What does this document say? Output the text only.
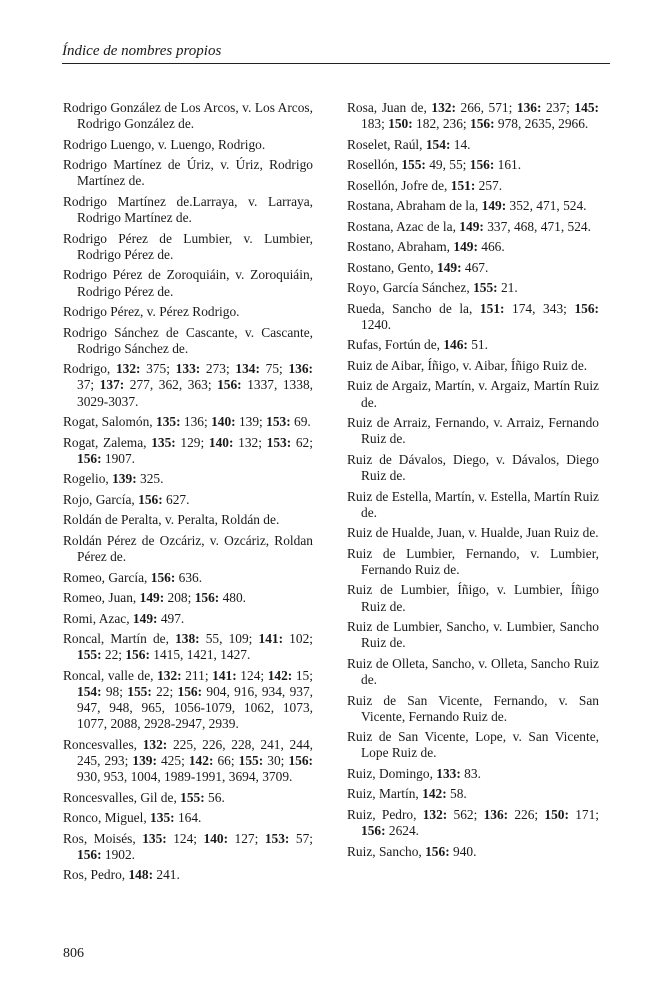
Índice de nombres propios

Rodrigo González de Los Arcos, v. Los Arcos, Rodrigo González de.

Rodrigo Luengo, v. Luengo, Rodrigo.

Rodrigo Martínez de Úriz, v. Úriz, Rodrigo Martínez de.

Rodrigo Martínez de.Larraya, v. Larraya, Rodrigo Martínez de.

Rodrigo Pérez de Lumbier, v. Lumbier, Rodrigo Pérez de.

Rodrigo Pérez de Zoroquiáin, v. Zoroquiáin, Rodrigo Pérez de.

Rodrigo Pérez, v. Pérez Rodrigo.

Rodrigo Sánchez de Cascante, v. Cascante, Rodrigo Sánchez de.

Rodrigo, 132: 375; 133: 273; 134: 75; 136: 37; 137: 277, 362, 363; 156: 1337, 1338, 3029-3037.

Rogat, Salomón, 135: 136; 140: 139; 153: 69.

Rogat, Zalema, 135: 129; 140: 132; 153: 62; 156: 1907.

Rogelio, 139: 325.

Rojo, García, 156: 627.

Roldán de Peralta, v. Peralta, Roldán de.

Roldán Pérez de Ozcáriz, v. Ozcáriz, Roldan Pérez de.

Romeo, García, 156: 636.

Romeo, Juan, 149: 208; 156: 480.

Romi, Azac, 149: 497.

Roncal, Martín de, 138: 55, 109; 141: 102; 155: 22; 156: 1415, 1421, 1427.

Roncal, valle de, 132: 211; 141: 124; 142: 15; 154: 98; 155: 22; 156: 904, 916, 934, 937, 947, 948, 965, 1056-1079, 1062, 1073, 1077, 2088, 2928-2947, 2939.

Roncesvalles, 132: 225, 226, 228, 241, 244, 245, 293; 139: 425; 142: 66; 155: 30; 156: 930, 953, 1004, 1989-1991, 3694, 3709.

Roncesvalles, Gil de, 155: 56.

Ronco, Miguel, 135: 164.

Ros, Moisés, 135: 124; 140: 127; 153: 57; 156: 1902.

Ros, Pedro, 148: 241.

Rosa, Juan de, 132: 266, 571; 136: 237; 145: 183; 150: 182, 236; 156: 978, 2635, 2966.

Roselet, Raúl, 154: 14.

Rosellón, 155: 49, 55; 156: 161.

Rosellón, Jofre de, 151: 257.

Rostana, Abraham de la, 149: 352, 471, 524.

Rostana, Azac de la, 149: 337, 468, 471, 524.

Rostano, Abraham, 149: 466.

Rostano, Gento, 149: 467.

Royo, García Sánchez, 155: 21.

Rueda, Sancho de la, 151: 174, 343; 156: 1240.

Rufas, Fortún de, 146: 51.

Ruiz de Aibar, Íñigo, v. Aibar, Íñigo Ruiz de.

Ruiz de Argaiz, Martín, v. Argaiz, Martín Ruiz de.

Ruiz de Arraiz, Fernando, v. Arraiz, Fernando Ruiz de.

Ruiz de Dávalos, Diego, v. Dávalos, Diego Ruiz de.

Ruiz de Estella, Martín, v. Estella, Martín Ruiz de.

Ruiz de Hualde, Juan, v. Hualde, Juan Ruiz de.

Ruiz de Lumbier, Fernando, v. Lumbier, Fernando Ruiz de.

Ruiz de Lumbier, Íñigo, v. Lumbier, Íñigo Ruiz de.

Ruiz de Lumbier, Sancho, v. Lumbier, Sancho Ruiz de.

Ruiz de Olleta, Sancho, v. Olleta, Sancho Ruiz de.

Ruiz de San Vicente, Fernando, v. San Vicente, Fernando Ruiz de.

Ruiz de San Vicente, Lope, v. San Vicente, Lope Ruiz de.

Ruiz, Domingo, 133: 83.

Ruiz, Martín, 142: 58.

Ruiz, Pedro, 132: 562; 136: 226; 150: 171; 156: 2624.

Ruiz, Sancho, 156: 940.

806
